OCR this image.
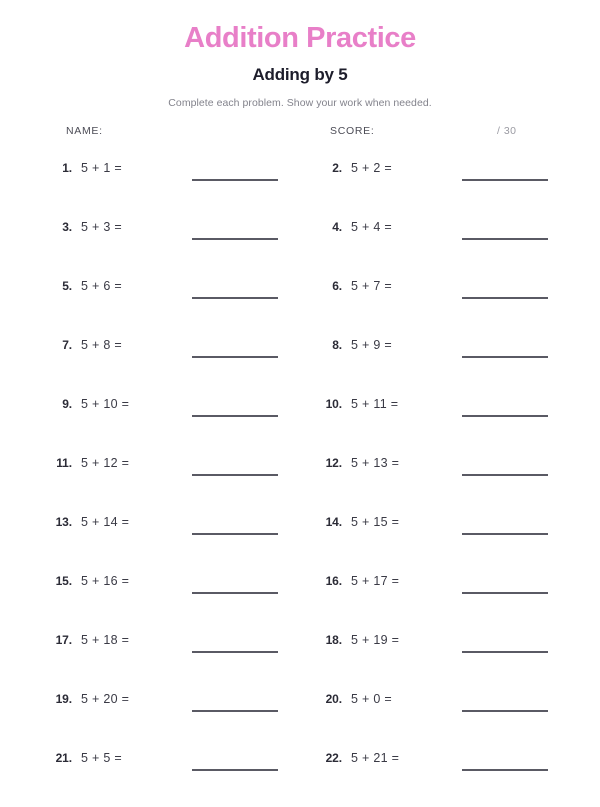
Addition Practice
Adding by 5

Complete each problem. Show your work when needed.

NAME:	SCORE:	/ 30
1. 5 + 1 =	2. 5 + 2 =
3. 5 + 3 =	4. 5 + 4 =
5. 5 + 6 =	6. 5 + 7 =
7. 5 + 8 =	8. 5 + 9 =
9. 5 + 10 =	10. 5 + 11 =
11. 5 + 12 =	12. 5 + 13 =
13. 5 + 14 =	14. 5 + 15 =
15. 5 + 16 =	16. 5 + 17 =
17. 5 + 18 =	18. 5 + 19 =
19. 5 + 20 =	20. 5 + 0 =
21. 5 + 5 =	22. 5 + 21 =
